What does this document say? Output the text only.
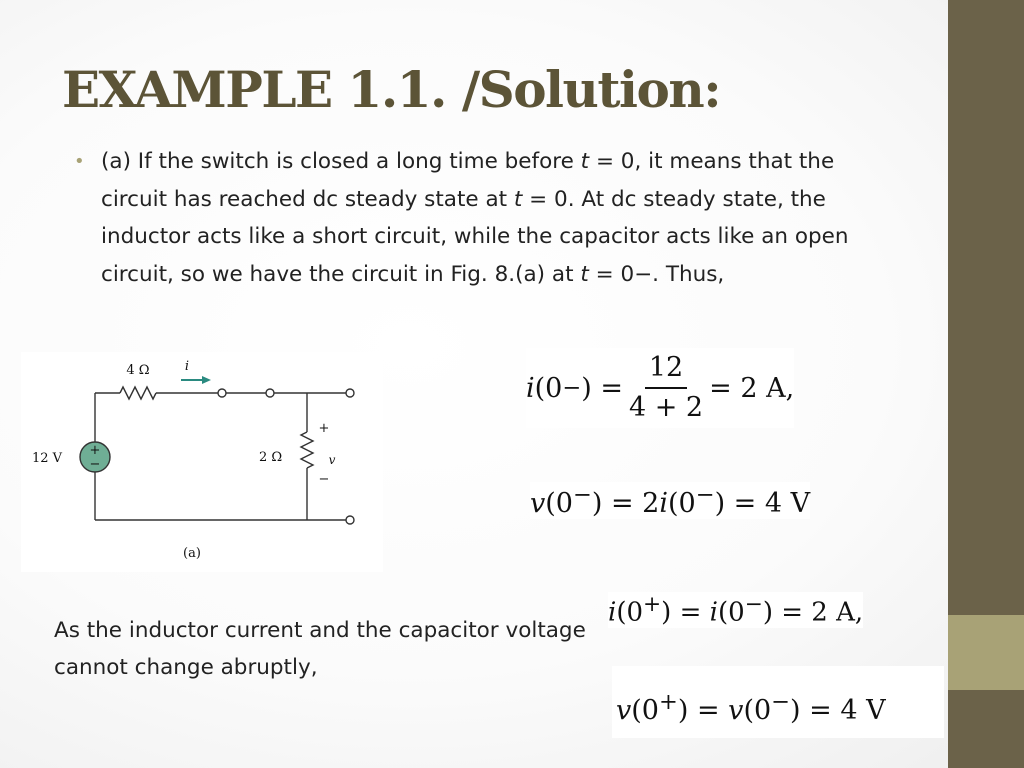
EXAMPLE 1.1. /Solution:
• (a) If the switch is closed a long time before t = 0, it means that the circuit has reached dc steady state at t = 0. At dc steady state, the inductor acts like a short circuit, while the capacitor acts like an open circuit, so we have the circuit in Fig. 8.(a) at t = 0−. Thus,
+
−
4 Ω	i
12 V	2 Ω
+
v
−
(a)
i (0 − ) = $\frac{12}{4 + 2} = 2$ A,
v(0−) = 2i(0−) = 4 V
As the inductor current and the capacitor voltage cannot change abruptly,
i(0+) = i(0−) = 2 A,
v(0+) = v(0−) = 4 V
